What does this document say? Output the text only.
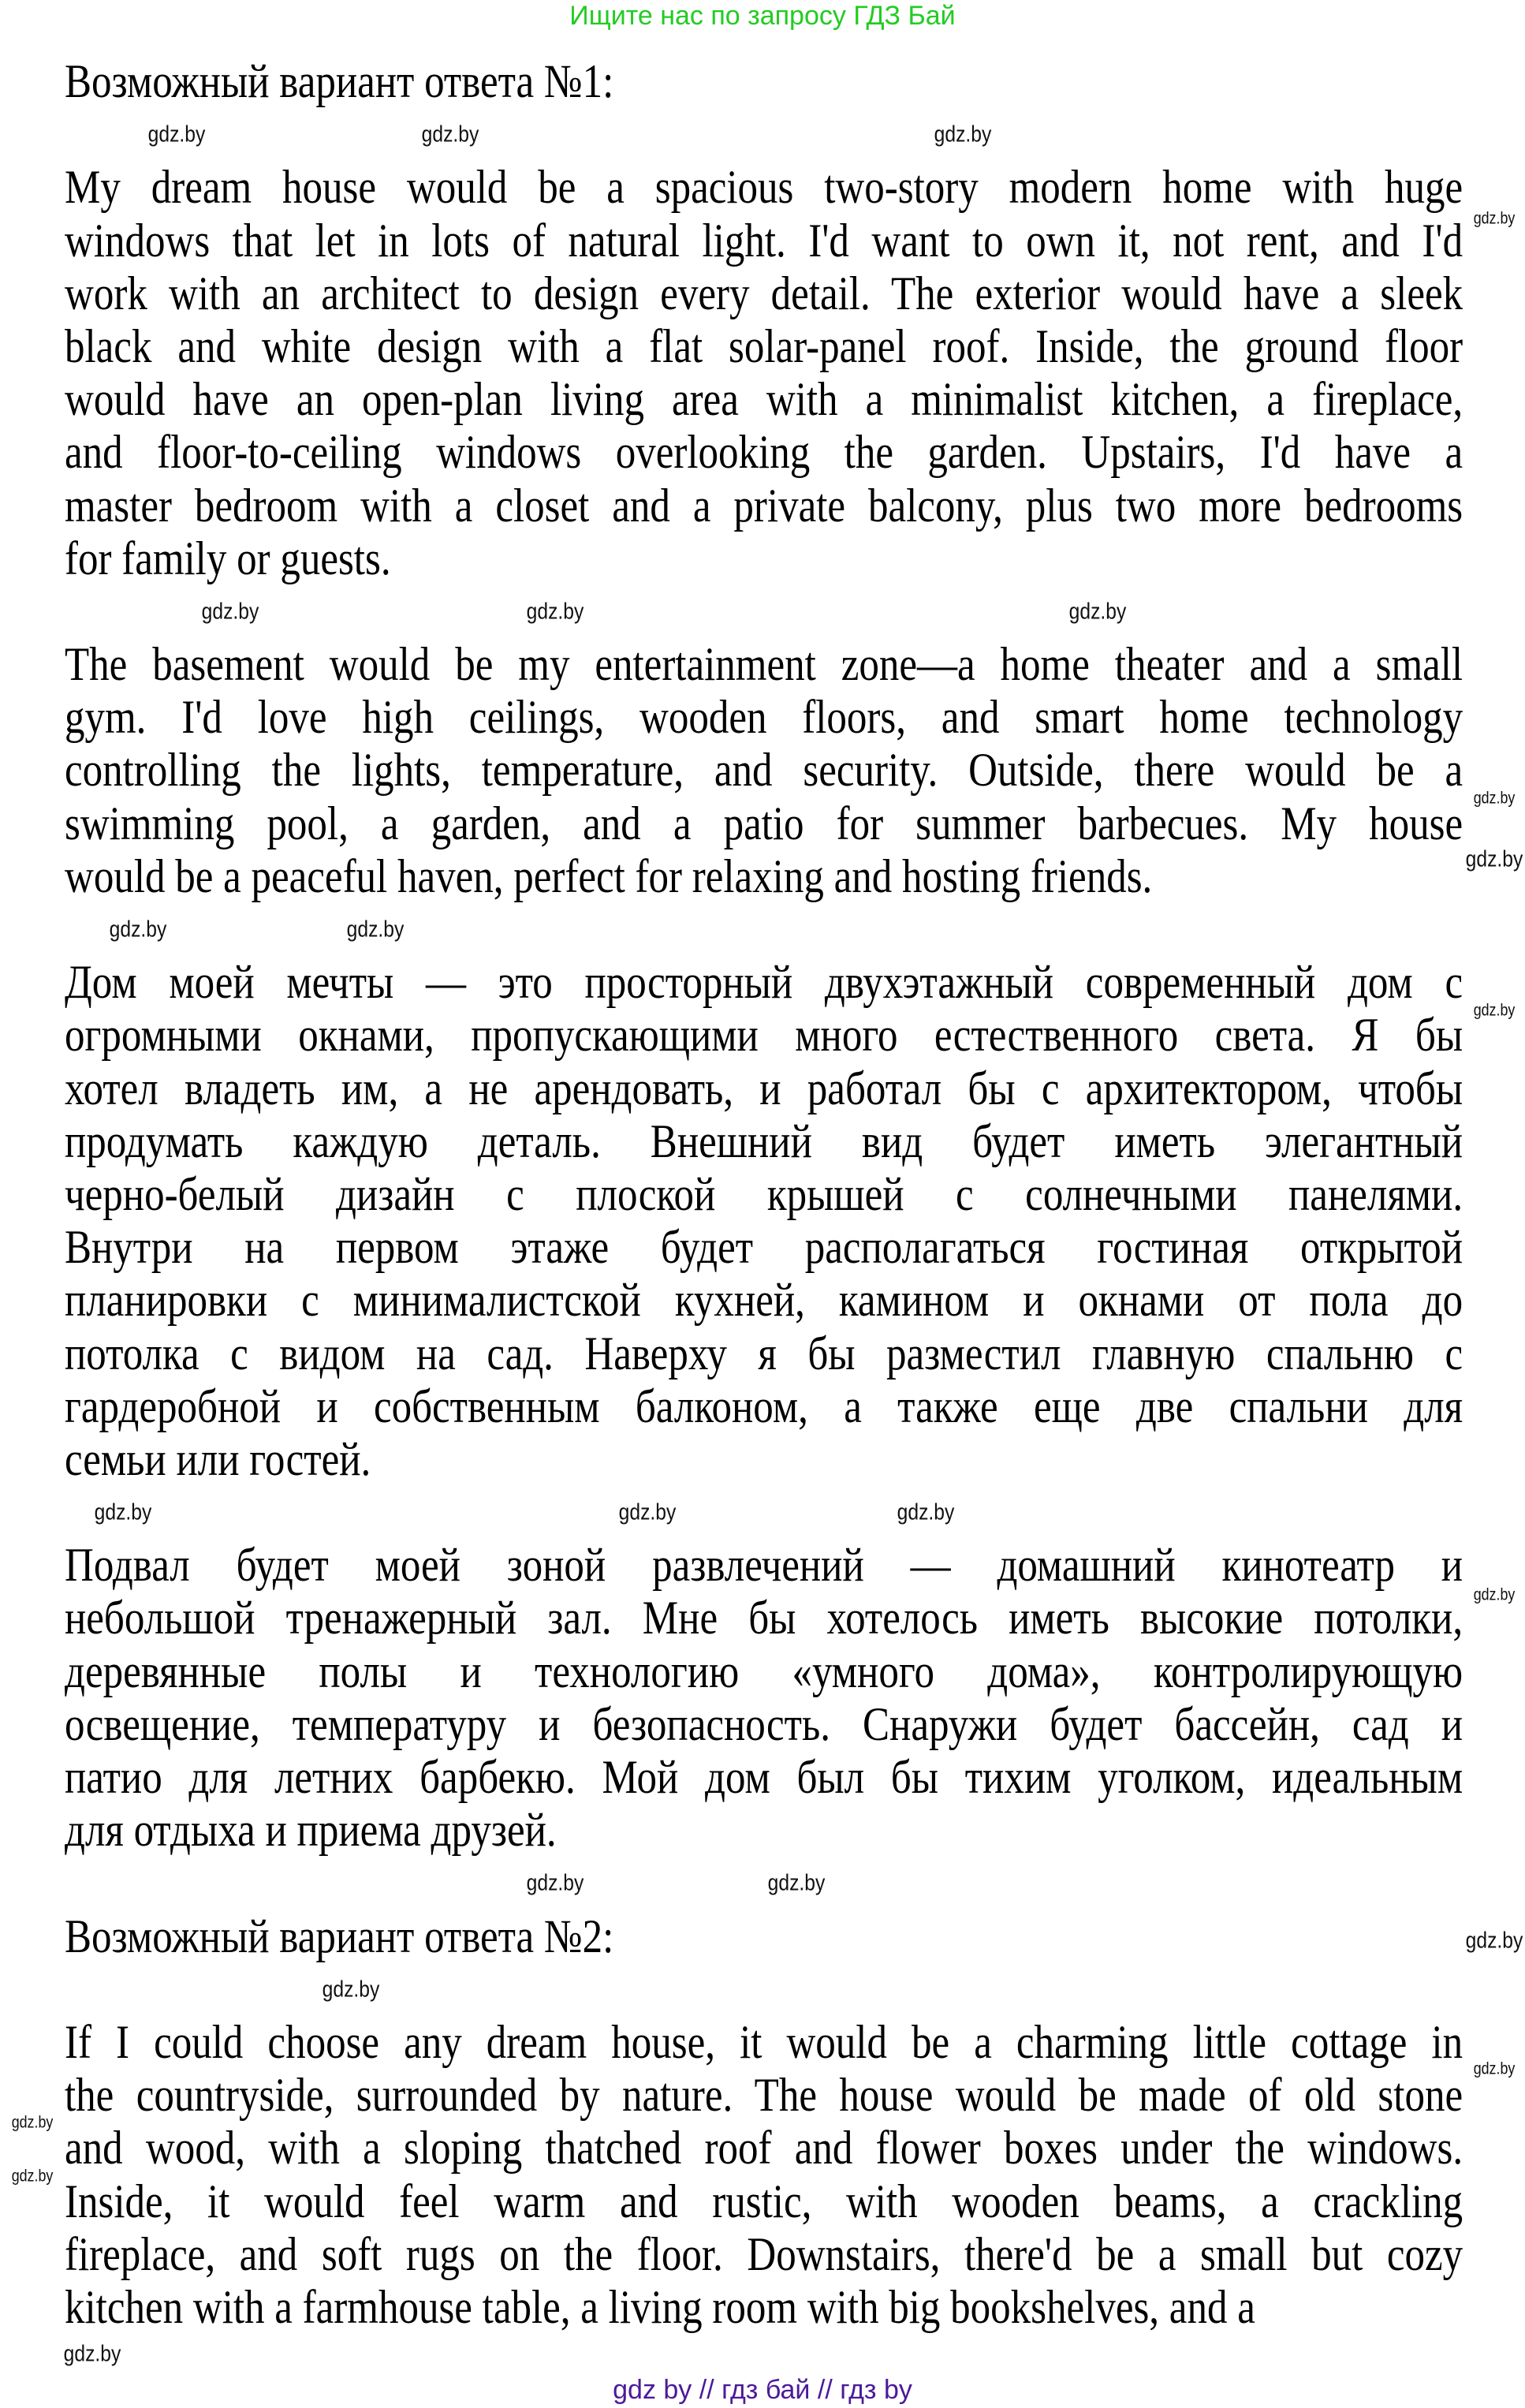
Ищите нас по запросу ГДЗ Бай
Возможный вариант ответа №1:
My dream house would be a spacious two-story modern home with huge
windows that let in lots of natural light. I'd want to own it, not rent, and I'd
work with an architect to design every detail. The exterior would have a sleek
black and white design with a flat solar-panel roof. Inside, the ground floor
would have an open-plan living area with a minimalist kitchen, a fireplace,
and floor-to-ceiling windows overlooking the garden. Upstairs, I'd have a
master bedroom with a closet and a private balcony, plus two more bedrooms
for family or guests.
The basement would be my entertainment zone—a home theater and a small
gym. I'd love high ceilings, wooden floors, and smart home technology
controlling the lights, temperature, and security. Outside, there would be a
swimming pool, a garden, and a patio for summer barbecues. My house
would be a peaceful haven, perfect for relaxing and hosting friends.
Дом моей мечты — это просторный двухэтажный современный дом с
огромными окнами, пропускающими много естественного света. Я бы
хотел владеть им, а не арендовать, и работал бы с архитектором, чтобы
продумать каждую деталь. Внешний вид будет иметь элегантный
черно-белый дизайн с плоской крышей с солнечными панелями.
Внутри на первом этаже будет располагаться гостиная открытой
планировки с минималистской кухней, камином и окнами от пола до
потолка с видом на сад. Наверху я бы разместил главную спальню с
гардеробной и собственным балконом, а также еще две спальни для
семьи или гостей.
Подвал будет моей зоной развлечений — домашний кинотеатр и
небольшой тренажерный зал. Мне бы хотелось иметь высокие потолки,
деревянные полы и технологию «умного дома», контролирующую
освещение, температуру и безопасность. Снаружи будет бассейн, сад и
патио для летних барбекю. Мой дом был бы тихим уголком, идеальным
для отдыха и приема друзей.
Возможный вариант ответа №2:
If I could choose any dream house, it would be a charming little cottage in
the countryside, surrounded by nature. The house would be made of old stone
and wood, with a sloping thatched roof and flower boxes under the windows.
Inside, it would feel warm and rustic, with wooden beams, a crackling
fireplace, and soft rugs on the floor. Downstairs, there'd be a small but cozy
kitchen with a farmhouse table, a living room with big bookshelves, and a
gdz.by	gdz.by	gdz.by
gdz.by
gdz.by
gdz.by
gdz.by
gdz.by
gdz.by
gdz.by
gdz.by
gdz.by
gdz.by
gdz.by	gdz.by
gdz.by
gdz.by
gdz.by
gdz.by
gdz.by
gdz.by
gdz.by
gdz.by
gdz.by
gdz by // гдз бай // гдз by
